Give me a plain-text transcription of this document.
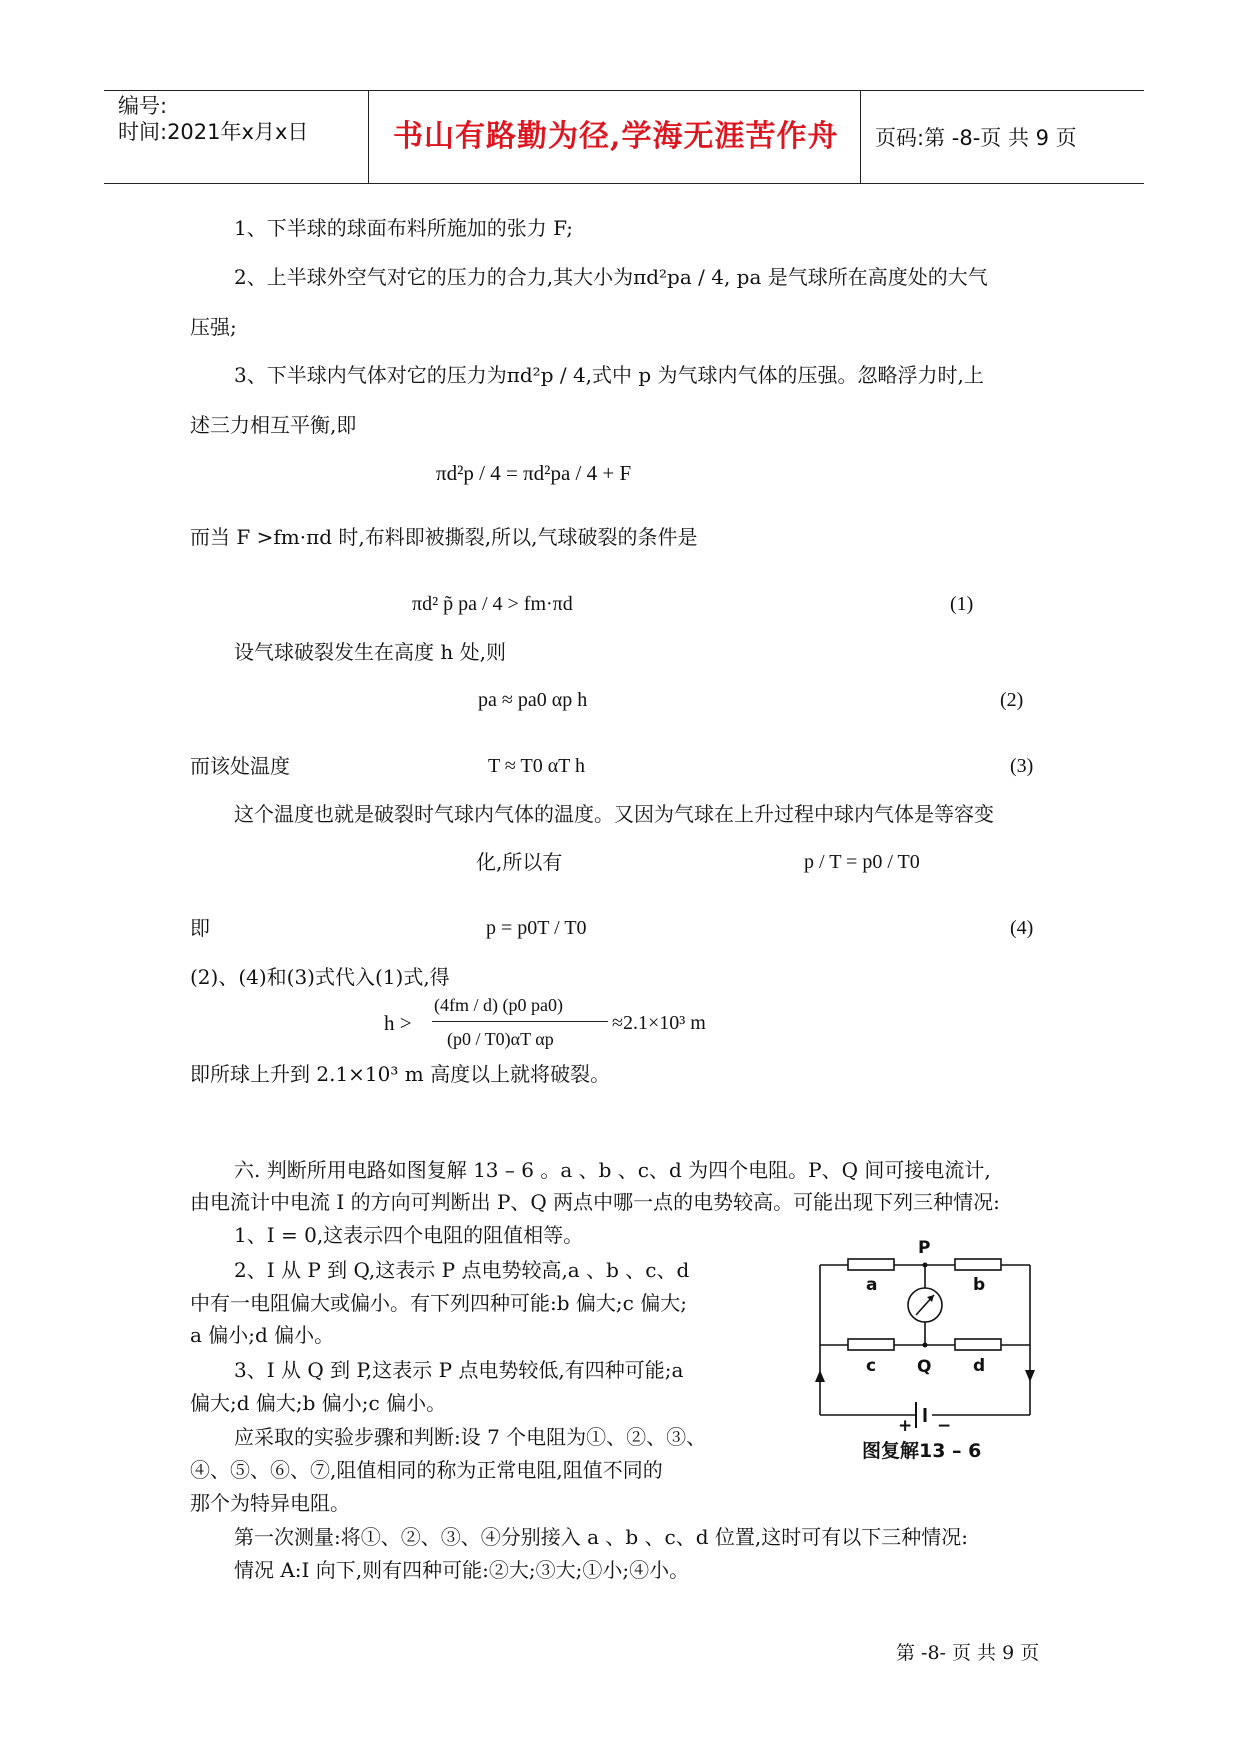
编号:
时间:2021年x月x日	书山有路勤为径,学海无涯苦作舟 页码:第 -8-页 共 9 页
1、下半球的球面布料所施加的张力 F;
2、上半球外空气对它的压力的合力,其大小为πd²pa / 4, pa 是气球所在高度处的大气
压强;
3、下半球内气体对它的压力为πd²p / 4,式中 p 为气球内气体的压强。忽略浮力时,上
述三力相互平衡,即
πd²p / 4 = πd²pa / 4 + F
而当 F >fm·πd 时,布料即被撕裂,所以,气球破裂的条件是
πd² p̃ pa / 4 > fm·πd	(1)
设气球破裂发生在高度 h 处,则
pa ≈ pa0 αp h	(2)
而该处温度	T ≈ T0 αT h	(3)
这个温度也就是破裂时气球内气体的温度。又因为气球在上升过程中球内气体是等容变
化,所以有	p / T = p0 / T0
即	p = p0T / T0	(4)
(2)、(4)和(3)式代入(1)式,得
h >
(4fm / d) (p0 pa0)
(p0 / T0)αT αp
≈2.1×10³ m
即所球上升到 2.1×10³ m 高度以上就将破裂。
六. 判断所用电路如图复解 13 – 6 。a 、b 、c、d 为四个电阻。P、Q 间可接电流计,
由电流计中电流 I 的方向可判断出 P、Q 两点中哪一点的电势较高。可能出现下列三种情况:
1、I = 0,这表示四个电阻的阻值相等。
2、I 从 P 到 Q,这表示 P 点电势较高,a 、b 、c、d
中有一电阻偏大或偏小。有下列四种可能:b 偏大;c 偏大;
a 偏小;d 偏小。
3、I 从 Q 到 P,这表示 P 点电势较低,有四种可能;a
偏大;d 偏大;b 偏小;c 偏小。
应采取的实验步骤和判断:设 7 个电阻为①、②、③、
④、⑤、⑥、⑦,阻值相同的称为正常电阻,阻值不同的
那个为特异电阻。
第一次测量:将①、②、③、④分别接入 a 、b 、c、d 位置,这时可有以下三种情况:
情况 A:I 向下,则有四种可能:②大;③大;①小;④小。
P
a	b
c Q d
+ −
图复解13 – 6
第 -8- 页 共 9 页
